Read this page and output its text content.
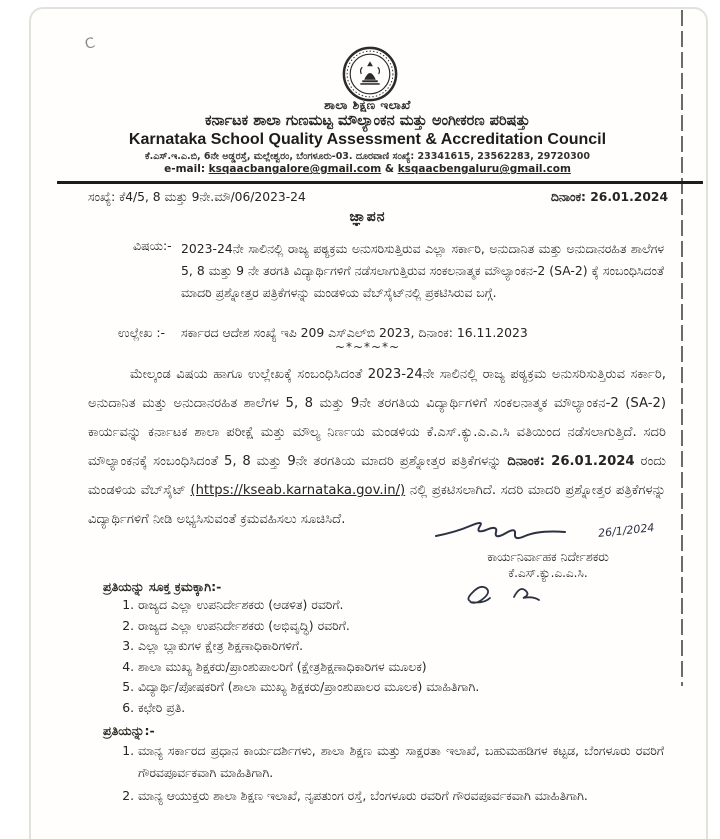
C
ಶಾಲಾ ಶಿಕ್ಷಣ ಇಲಾಖೆ
ಕರ್ನಾಟಕ ಶಾಲಾ ಗುಣಮಟ್ಟ ಮೌಲ್ಯಾಂಕನ ಮತ್ತು ಅಂಗೀಕರಣ ಪರಿಷತ್ತು
Karnataka School Quality Assessment & Accreditation Council
ಕೆ.ಎಸ್.ಇ.ಎ.ಬಿ, 6ನೇ ಅಡ್ಡರಸ್ತೆ, ಮಲ್ಲೇಶ್ವರಂ, ಬೆಂಗಳೂರು-03. ದೂರವಾಣಿ ಸಂಖ್ಯೆ: 23341615, 23562283, 29720300
e-mail: ksqaacbangalore@gmail.com & ksqaacbengaluru@gmail.com
ಸಂಖ್ಯೆ: ಕೆ4/5, 8 ಮತ್ತು 9ನೇ.ಮೌ/06/2023-24	ದಿನಾಂಕ: 26.01.2024
ಜ್ಞಾಪನ
ವಿಷಯ:- 2023-24ನೇ ಸಾಲಿನಲ್ಲಿ ರಾಜ್ಯ ಪಠ್ಯಕ್ರಮ ಅನುಸರಿಸುತ್ತಿರುವ ಎಲ್ಲಾ ಸರ್ಕಾರಿ, ಅನುದಾನಿತ ಮತ್ತು ಅನುದಾನರಹಿತ ಶಾಲೆಗಳ 5, 8 ಮತ್ತು 9 ನೇ ತರಗತಿ ವಿದ್ಯಾರ್ಥಿಗಳಿಗೆ ನಡೆಸಲಾಗುತ್ತಿರುವ ಸಂಕಲನಾತ್ಮಕ ಮೌಲ್ಯಾಂಕನ-2 (SA-2) ಕ್ಕೆ ಸಂಬಂಧಿಸಿದಂತೆ ಮಾದರಿ ಪ್ರಶ್ನೋತ್ತರ ಪತ್ರಿಕೆಗಳನ್ನು ಮಂಡಳಿಯ ವೆಬ್‌ಸೈಟ್‌ನಲ್ಲಿ ಪ್ರಕಟಿಸಿರುವ ಬಗ್ಗೆ.
ಉಲ್ಲೇಖ :- ಸರ್ಕಾರದ ಆದೇಶ ಸಂಖ್ಯೆ ಇಪಿ 209 ಎಸ್‌ಎಲ್‌ಬಿ 2023, ದಿನಾಂಕ: 16.11.2023
~*~*~*~
ಮೇಲ್ಕಂಡ ವಿಷಯ ಹಾಗೂ ಉಲ್ಲೇಖಕ್ಕೆ ಸಂಬಂಧಿಸಿದಂತೆ 2023-24ನೇ ಸಾಲಿನಲ್ಲಿ ರಾಜ್ಯ ಪಠ್ಯಕ್ರಮ ಅನುಸರಿಸುತ್ತಿರುವ ಸರ್ಕಾರಿ, ಅನುದಾನಿತ ಮತ್ತು ಅನುದಾನರಹಿತ ಶಾಲೆಗಳ 5, 8 ಮತ್ತು 9ನೇ ತರಗತಿಯ ವಿದ್ಯಾರ್ಥಿಗಳಿಗೆ ಸಂಕಲನಾತ್ಮಕ ಮೌಲ್ಯಾಂಕನ-2 (SA-2) ಕಾರ್ಯವನ್ನು ಕರ್ನಾಟಕ ಶಾಲಾ ಪರೀಕ್ಷೆ ಮತ್ತು ಮೌಲ್ಯ ನಿರ್ಣಯ ಮಂಡಳಿಯ ಕೆ.ಎಸ್.ಕ್ಯು.ಎ.ಎ.ಸಿ ವತಿಯಿಂದ ನಡೆಸಲಾಗುತ್ತಿದೆ. ಸದರಿ ಮೌಲ್ಯಾಂಕನಕ್ಕೆ ಸಂಬಂಧಿಸಿದಂತೆ 5, 8 ಮತ್ತು 9ನೇ ತರಗತಿಯ ಮಾದರಿ ಪ್ರಶ್ನೋತ್ತರ ಪತ್ರಿಕೆಗಳನ್ನು ದಿನಾಂಕ: 26.01.2024 ರಂದು ಮಂಡಳಿಯ ವೆಬ್‌ಸೈಟ್ (https://kseab.karnataka.gov.in/) ನಲ್ಲಿ ಪ್ರಕಟಿಸಲಾಗಿದೆ. ಸದರಿ ಮಾದರಿ ಪ್ರಶ್ನೋತ್ತರ ಪತ್ರಿಕೆಗಳನ್ನು ವಿದ್ಯಾರ್ಥಿಗಳಿಗೆ ನೀಡಿ ಅಭ್ಯಸಿಸುವಂತೆ ಕ್ರಮವಹಿಸಲು ಸೂಚಿಸಿದೆ.
26/1/2024
ಕಾರ್ಯನಿರ್ವಾಹಕ ನಿರ್ದೇಶಕರು
ಕೆ.ಎಸ್.ಕ್ಯು.ಎ.ಎ.ಸಿ.
ಪ್ರತಿಯನ್ನು ಸೂಕ್ತ ಕ್ರಮಕ್ಕಾಗಿ:-
1. ರಾಜ್ಯದ ಎಲ್ಲಾ ಉಪನಿರ್ದೇಶಕರು (ಆಡಳಿತ) ರವರಿಗೆ.
2. ರಾಜ್ಯದ ಎಲ್ಲಾ ಉಪನಿರ್ದೇಶಕರು (ಅಭಿವೃದ್ಧಿ) ರವರಿಗೆ.
3. ಎಲ್ಲಾ ಬ್ಲಾಕುಗಳ ಕ್ಷೇತ್ರ ಶಿಕ್ಷಣಾಧಿಕಾರಿಗಳಿಗೆ.
4. ಶಾಲಾ ಮುಖ್ಯ ಶಿಕ್ಷಕರು/ಪ್ರಾಂಶುಪಾಲರಿಗೆ (ಕ್ಷೇತ್ರಶಿಕ್ಷಣಾಧಿಕಾರಿಗಳ ಮೂಲಕ)
5. ವಿದ್ಯಾರ್ಥಿ/ಪೋಷಕರಿಗೆ (ಶಾಲಾ ಮುಖ್ಯ ಶಿಕ್ಷಕರು/ಪ್ರಾಂಶುಪಾಲರ ಮೂಲಕ) ಮಾಹಿತಿಗಾಗಿ.
6. ಕಛೇರಿ ಪ್ರತಿ.
ಪ್ರತಿಯನ್ನು:-
1. ಮಾನ್ಯ ಸರ್ಕಾರದ ಪ್ರಧಾನ ಕಾರ್ಯದರ್ಶಿಗಳು, ಶಾಲಾ ಶಿಕ್ಷಣ ಮತ್ತು ಸಾಕ್ಷರತಾ ಇಲಾಖೆ, ಬಹುಮಹಡಿಗಳ ಕಟ್ಟಡ, ಬೆಂಗಳೂರು ರವರಿಗೆ ಗೌರವಪೂರ್ವಕವಾಗಿ ಮಾಹಿತಿಗಾಗಿ.
2. ಮಾನ್ಯ ಆಯುಕ್ತರು ಶಾಲಾ ಶಿಕ್ಷಣ ಇಲಾಖೆ, ನೃಪತುಂಗ ರಸ್ತೆ, ಬೆಂಗಳೂರು ರವರಿಗೆ ಗೌರವಪೂರ್ವಕವಾಗಿ ಮಾಹಿತಿಗಾಗಿ.
